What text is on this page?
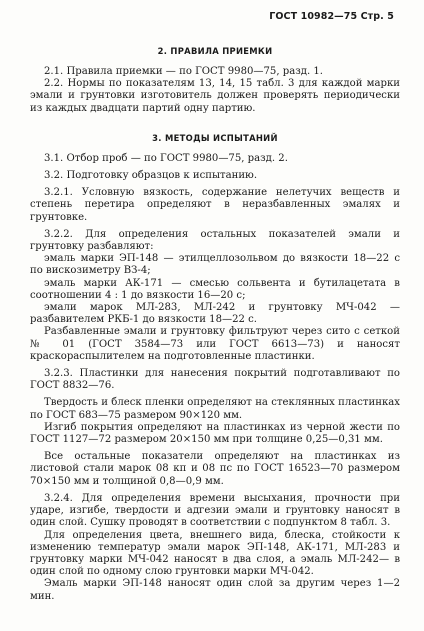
ГОСТ 10982—75 Стр. 5
2. ПРАВИЛА ПРИЕМКИ

2.1. Правила приемки — по ГОСТ 9980—75, разд. 1.

2.2. Нормы по показателям 13, 14, 15 табл. 3 для каждой марки эмали и грунтовки изготовитель должен проверять периодически из каждых двадцати партий одну партию.

3. МЕТОДЫ ИСПЫТАНИЙ

3.1. Отбор проб — по ГОСТ 9980—75, разд. 2.

3.2. Подготовку образцов к испытанию.

3.2.1. Условную вязкость, содержание нелетучих веществ и степень перетира определяют в неразбавленных эмалях и грунтовке.

3.2.2. Для определения остальных показателей эмали и грунтовку разбавляют:

эмаль марки ЭП-148 — этилцеллозольвом до вязкости 18—22 с по вискозиметру ВЗ-4;

эмаль марки АК-171 — смесью сольвента и бутилацетата в соотношении 4 : 1 до вязкости 16—20 с;

эмали марок МЛ-283, МЛ-242 и грунтовку МЧ-042 — разбавителем РКБ-1 до вязкости 18—22 с.

Разбавленные эмали и грунтовку фильтруют через сито с сеткой № 01 (ГОСТ 3584—73 или ГОСТ 6613—73) и наносят краскораспылителем на подготовленные пластинки.

3.2.3. Пластинки для нанесения покрытий подготавливают по ГОСТ 8832—76.

Твердость и блеск пленки определяют на стеклянных пластинках по ГОСТ 683—75 размером 90×120 мм.

Изгиб покрытия определяют на пластинках из черной жести по ГОСТ 1127—72 размером 20×150 мм при толщине 0,25—0,31 мм.

Все остальные показатели определяют на пластинках из листовой стали марок 08 кп и 08 пс по ГОСТ 16523—70 размером 70×150 мм и толщиной 0,8—0,9 мм.

3.2.4. Для определения времени высыхания, прочности при ударе, изгибе, твердости и адгезии эмали и грунтовку наносят в один слой. Сушку проводят в соответствии с подпунктом 8 табл. 3.

Для определения цвета, внешнего вида, блеска, стойкости к изменению температур эмали марок ЭП-148, АК-171, МЛ-283 и грунтовку марки МЧ-042 наносят в два слоя, а эмаль МЛ-242— в один слой по одному слою грунтовки марки МЧ-042.

Эмаль марки ЭП-148 наносят один слой за другим через 1—2 мин.
